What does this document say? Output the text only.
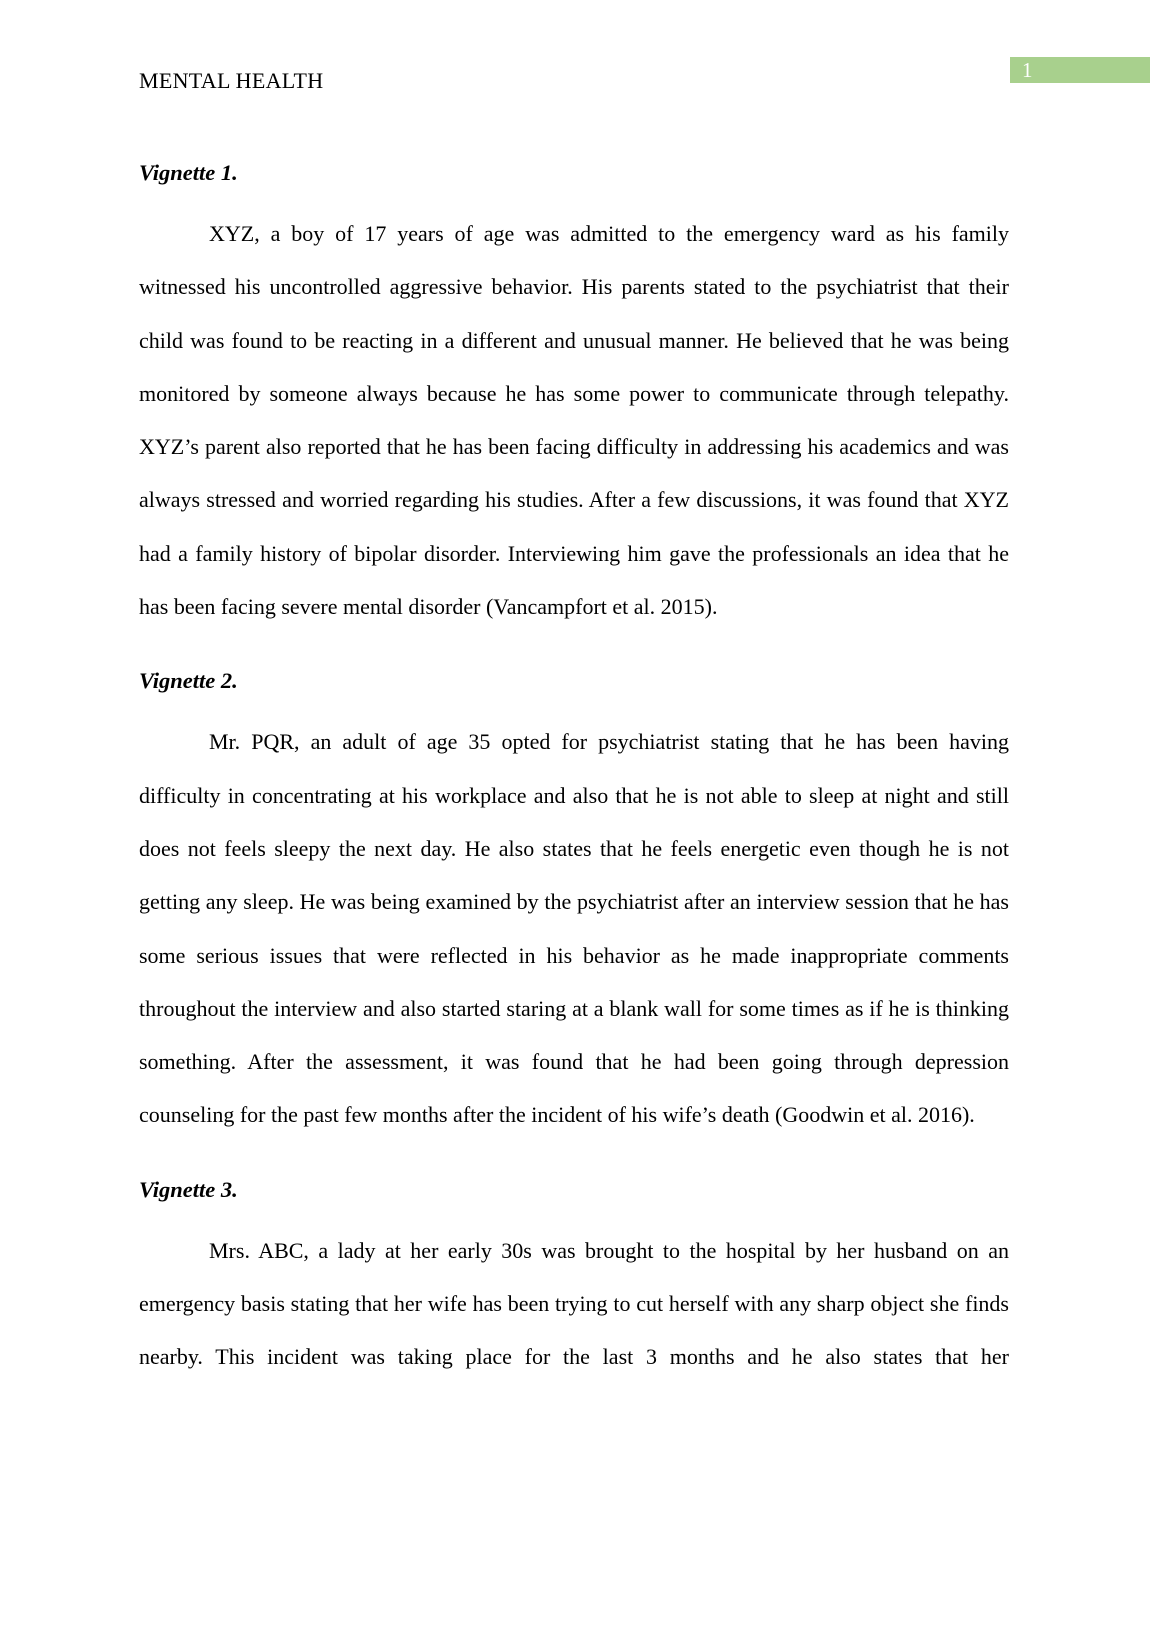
1
MENTAL HEALTH
Vignette 1.

XYZ, a boy of 17 years of age was admitted to the emergency ward as his family witnessed his uncontrolled aggressive behavior. His parents stated to the psychiatrist that their child was found to be reacting in a different and unusual manner. He believed that he was being monitored by someone always because he has some power to communicate through telepathy. XYZ’s parent also reported that he has been facing difficulty in addressing his academics and was always stressed and worried regarding his studies. After a few discussions, it was found that XYZ had a family history of bipolar disorder. Interviewing him gave the professionals an idea that he has been facing severe mental disorder (Vancampfort et al. 2015).

Vignette 2.

Mr. PQR, an adult of age 35 opted for psychiatrist stating that he has been having difficulty in concentrating at his workplace and also that he is not able to sleep at night and still does not feels sleepy the next day. He also states that he feels energetic even though he is not getting any sleep. He was being examined by the psychiatrist after an interview session that he has some serious issues that were reflected in his behavior as he made inappropriate comments throughout the interview and also started staring at a blank wall for some times as if he is thinking something. After the assessment, it was found that he had been going through depression counseling for the past few months after the incident of his wife’s death (Goodwin et al. 2016).

Vignette 3.

Mrs. ABC, a lady at her early 30s was brought to the hospital by her husband on an emergency basis stating that her wife has been trying to cut herself with any sharp object she finds nearby. This incident was taking place for the last 3 months and he also states that her
